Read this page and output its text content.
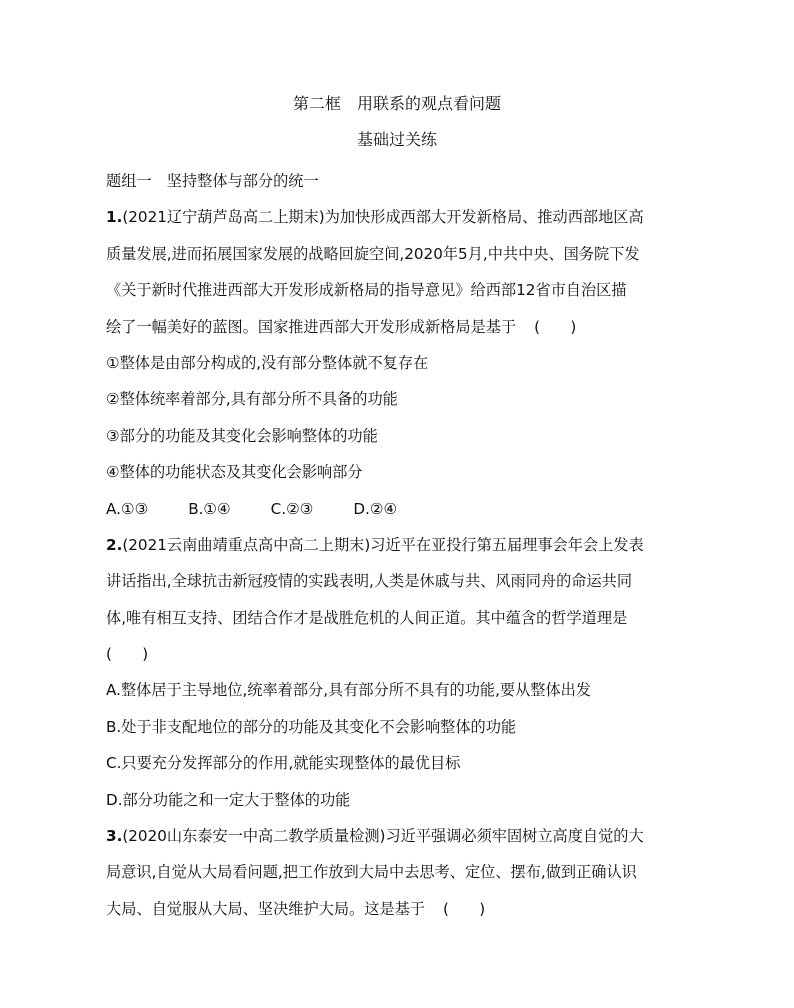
第二框　用联系的观点看问题
基础过关练
题组一　坚持整体与部分的统一
1.(2021辽宁葫芦岛高二上期末)为加快形成西部大开发新格局、推动西部地区高
质量发展,进而拓展国家发展的战略回旋空间,2020年5月,中共中央、国务院下发
《关于新时代推进西部大开发形成新格局的指导意见》给西部12省市自治区描
绘了一幅美好的蓝图。国家推进西部大开发形成新格局是基于 (　　)
①整体是由部分构成的,没有部分整体就不复存在
②整体统率着部分,具有部分所不具备的功能
③部分的功能及其变化会影响整体的功能
④整体的功能状态及其变化会影响部分
A.①③	B.①④	C.②③	D.②④
2.(2021云南曲靖重点高中高二上期末)习近平在亚投行第五届理事会年会上发表
讲话指出,全球抗击新冠疫情的实践表明,人类是休戚与共、风雨同舟的命运共同
体,唯有相互支持、团结合作才是战胜危机的人间正道。其中蕴含的哲学道理是
(　　)
A.整体居于主导地位,统率着部分,具有部分所不具有的功能,要从整体出发
B.处于非支配地位的部分的功能及其变化不会影响整体的功能
C.只要充分发挥部分的作用,就能实现整体的最优目标
D.部分功能之和一定大于整体的功能
3.(2020山东泰安一中高二教学质量检测)习近平强调必须牢固树立高度自觉的大
局意识,自觉从大局看问题,把工作放到大局中去思考、定位、摆布,做到正确认识
大局、自觉服从大局、坚决维护大局。这是基于 (　　)
